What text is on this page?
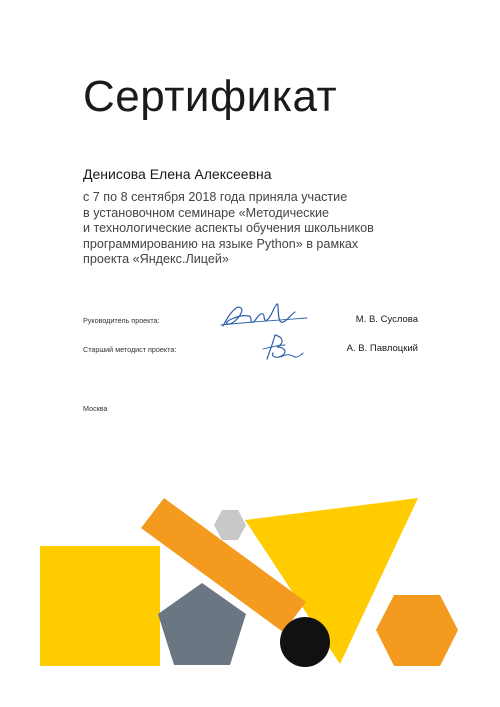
Сертификат
Денисова Елена Алексеевна
с 7 по 8 сентября 2018 года приняла участие
в установочном семинаре «Методические
и технологические аспекты обучения школьников
программированию на языке Python» в рамках
проекта «Яндекс.Лицей»
Руководитель проекта:	М. В. Суслова
Старший методист проекта:	А. В. Павлоцкий
Москва
